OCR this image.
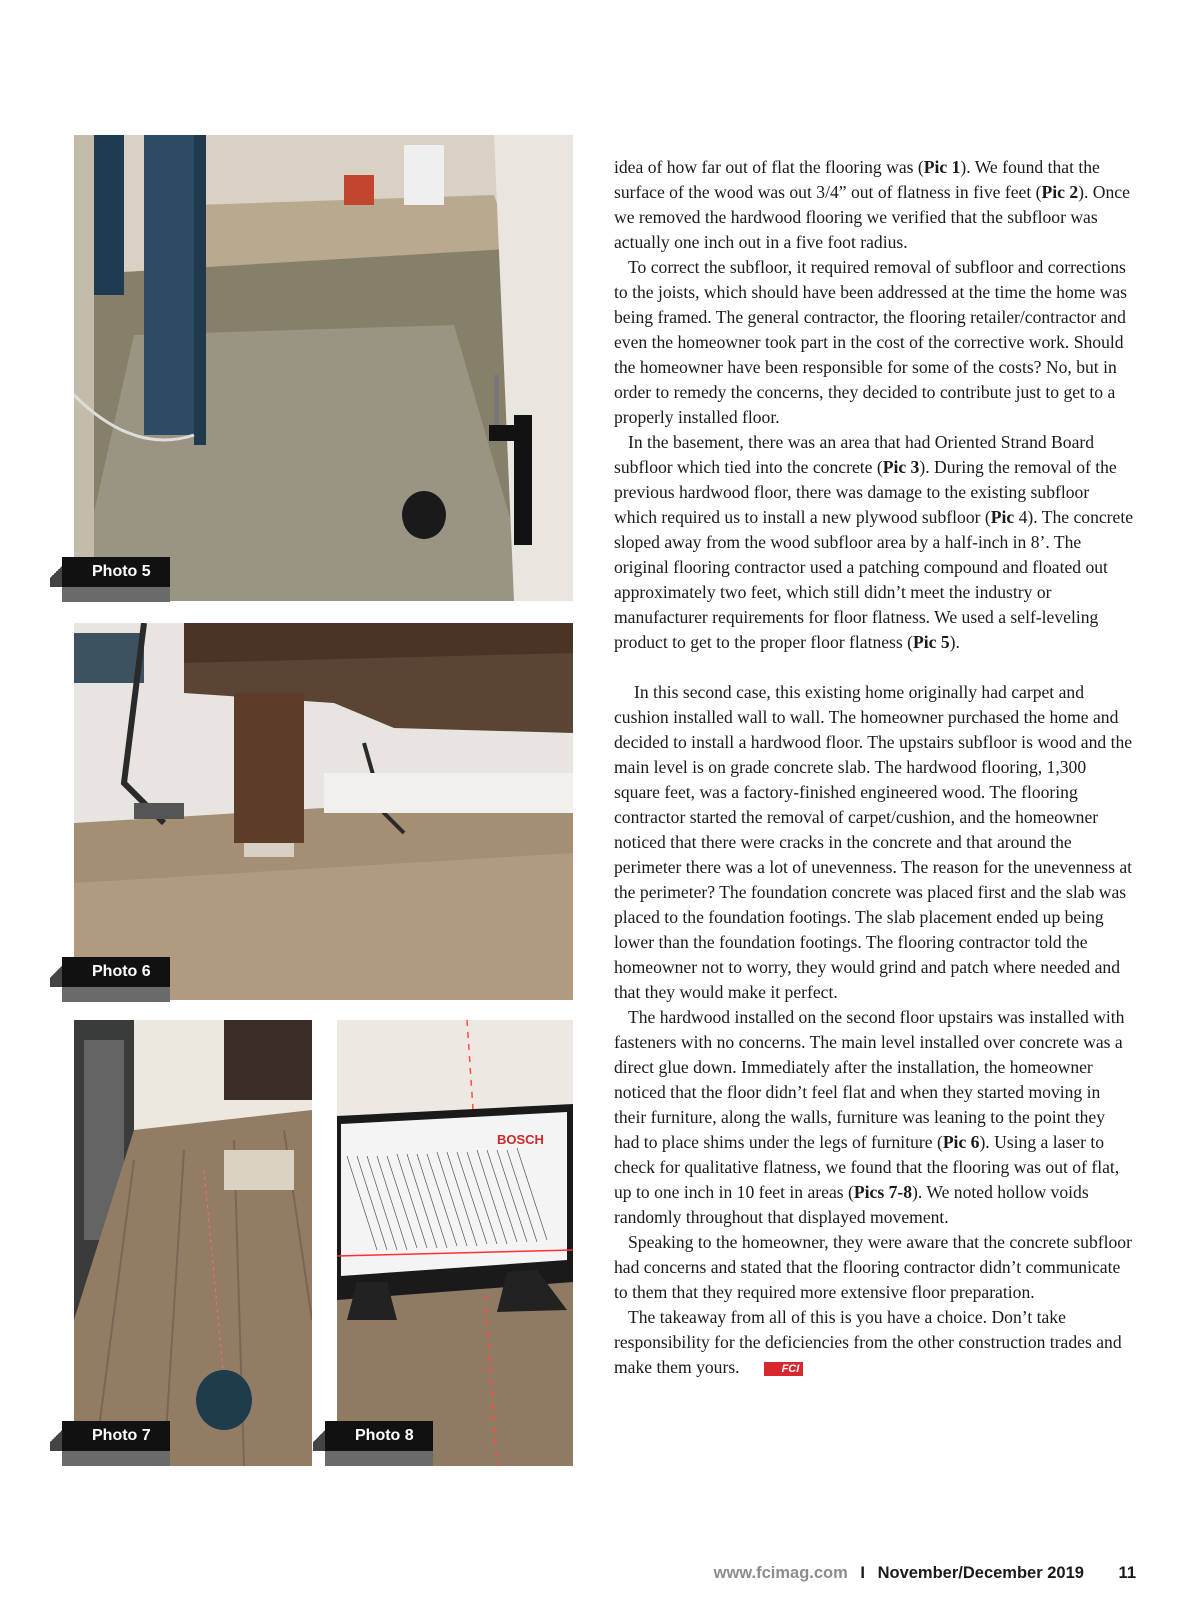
Photo 5
Photo 6
Photo 7
BOSCH
Photo 8

idea of how far out of flat the flooring was (Pic 1). We found that the surface of the wood was out 3/4” out of flatness in five feet (Pic 2). Once we removed the hardwood flooring we verified that the subfloor was actually one inch out in a five foot radius.

To correct the subfloor, it required removal of subfloor and corrections to the joists, which should have been addressed at the time the home was being framed. The general contractor, the flooring retailer/contractor and even the homeowner took part in the cost of the corrective work. Should the homeowner have been responsible for some of the costs? No, but in order to remedy the concerns, they decided to contribute just to get to a properly installed floor.

In the basement, there was an area that had Oriented Strand Board subfloor which tied into the concrete (Pic 3). During the removal of the previous hardwood floor, there was damage to the existing subfloor which required us to install a new plywood subfloor (Pic 4). The concrete sloped away from the wood subfloor area by a half-inch in 8’. The original flooring contractor used a patching compound and floated out approximately two feet, which still didn’t meet the industry or manufacturer requirements for floor flatness. We used a self-leveling product to get to the proper floor flatness (Pic 5).

In this second case, this existing home originally had carpet and cushion installed wall to wall. The homeowner purchased the home and decided to install a hardwood floor. The upstairs subfloor is wood and the main level is on grade concrete slab. The hardwood flooring, 1,300 square feet, was a factory-finished engineered wood. The flooring contractor started the removal of carpet/cushion, and the homeowner noticed that there were cracks in the concrete and that around the perimeter there was a lot of unevenness. The reason for the unevenness at the perimeter? The foundation concrete was placed first and the slab was placed to the foundation footings. The slab placement ended up being lower than the foundation footings. The flooring contractor told the homeowner not to worry, they would grind and patch where needed and that they would make it perfect.

The hardwood installed on the second floor upstairs was installed with fasteners with no concerns. The main level installed over concrete was a direct glue down. Immediately after the installation, the homeowner noticed that the floor didn’t feel flat and when they started moving in their furniture, along the walls, furniture was leaning to the point they had to place shims under the legs of furniture (Pic 6). Using a laser to check for qualitative flatness, we found that the flooring was out of flat, up to one inch in 10 feet in areas (Pics 7-8). We noted hollow voids randomly throughout that displayed movement.

Speaking to the homeowner, they were aware that the concrete subfloor had concerns and stated that the flooring contractor didn’t communicate to them that they required more extensive floor preparation.

The takeaway from all of this is you have a choice. Don’t take responsibility for the deficiencies from the other construction trades and make them yours.	FCI

www.fcimag.com I November/December 2019 11
